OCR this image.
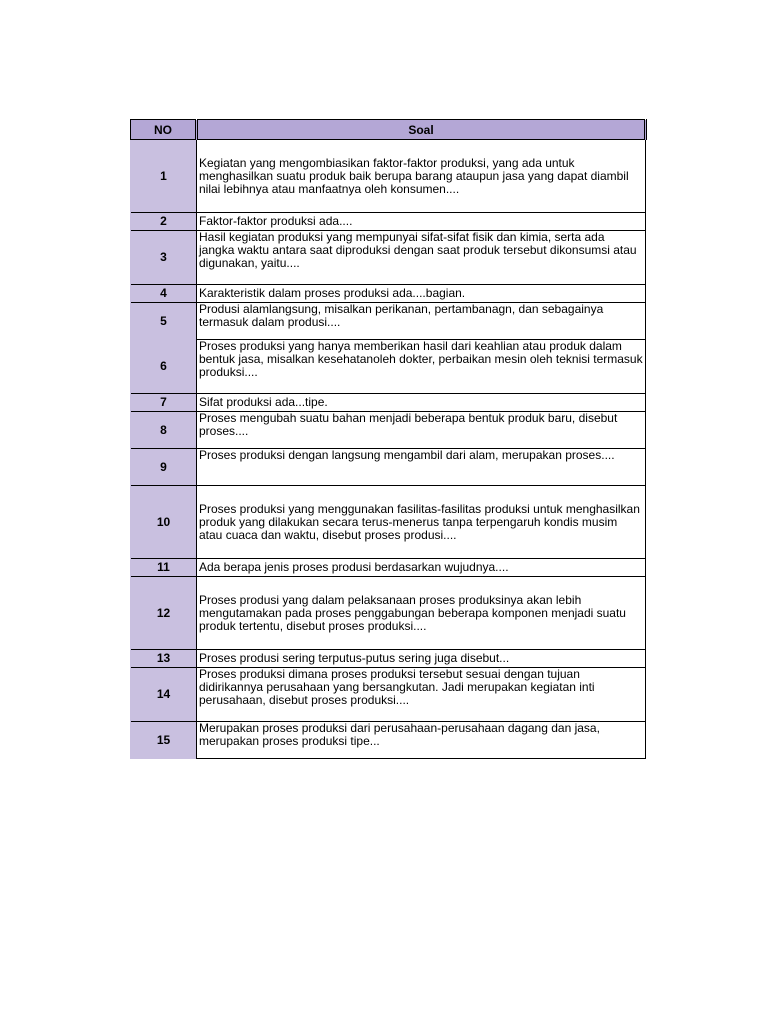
NO	Soal
1	Kegiatan yang mengombiasikan faktor-faktor produksi, yang ada untuk menghasilkan suatu produk baik berupa barang ataupun jasa yang dapat diambil nilai lebihnya atau manfaatnya oleh konsumen....
2	Faktor-faktor produksi ada....
3	Hasil kegiatan produksi yang mempunyai sifat-sifat fisik dan kimia, serta ada jangka waktu antara saat diproduksi dengan saat produk tersebut dikonsumsi atau digunakan, yaitu....
4	Karakteristik dalam proses produksi ada....bagian.
5	Produsi alamlangsung, misalkan perikanan, pertambanagn, dan sebagainya termasuk dalam produsi....
6	Proses produksi yang hanya memberikan hasil dari keahlian atau produk dalam bentuk jasa, misalkan kesehatanoleh dokter, perbaikan mesin oleh teknisi termasuk produksi....
7	Sifat produksi ada...tipe.
8	Proses mengubah suatu bahan menjadi beberapa bentuk produk baru, disebut proses....
9	Proses produksi dengan langsung mengambil dari alam, merupakan proses....
10	Proses produksi yang menggunakan fasilitas-fasilitas produksi untuk menghasilkan produk yang dilakukan secara terus-menerus tanpa terpengaruh kondis musim atau cuaca dan waktu, disebut proses produsi....
11	Ada berapa jenis proses produsi berdasarkan wujudnya....
12	Proses produsi yang dalam pelaksanaan proses produksinya akan lebih mengutamakan pada proses penggabungan beberapa komponen menjadi suatu produk tertentu, disebut proses produksi....
13	Proses produsi sering terputus-putus sering juga disebut...
14	Proses produksi dimana proses produksi tersebut sesuai dengan tujuan didirikannya perusahaan yang bersangkutan. Jadi merupakan kegiatan inti perusahaan, disebut proses produksi....
15	Merupakan proses produksi dari perusahaan-perusahaan dagang dan jasa, merupakan proses produksi tipe...
